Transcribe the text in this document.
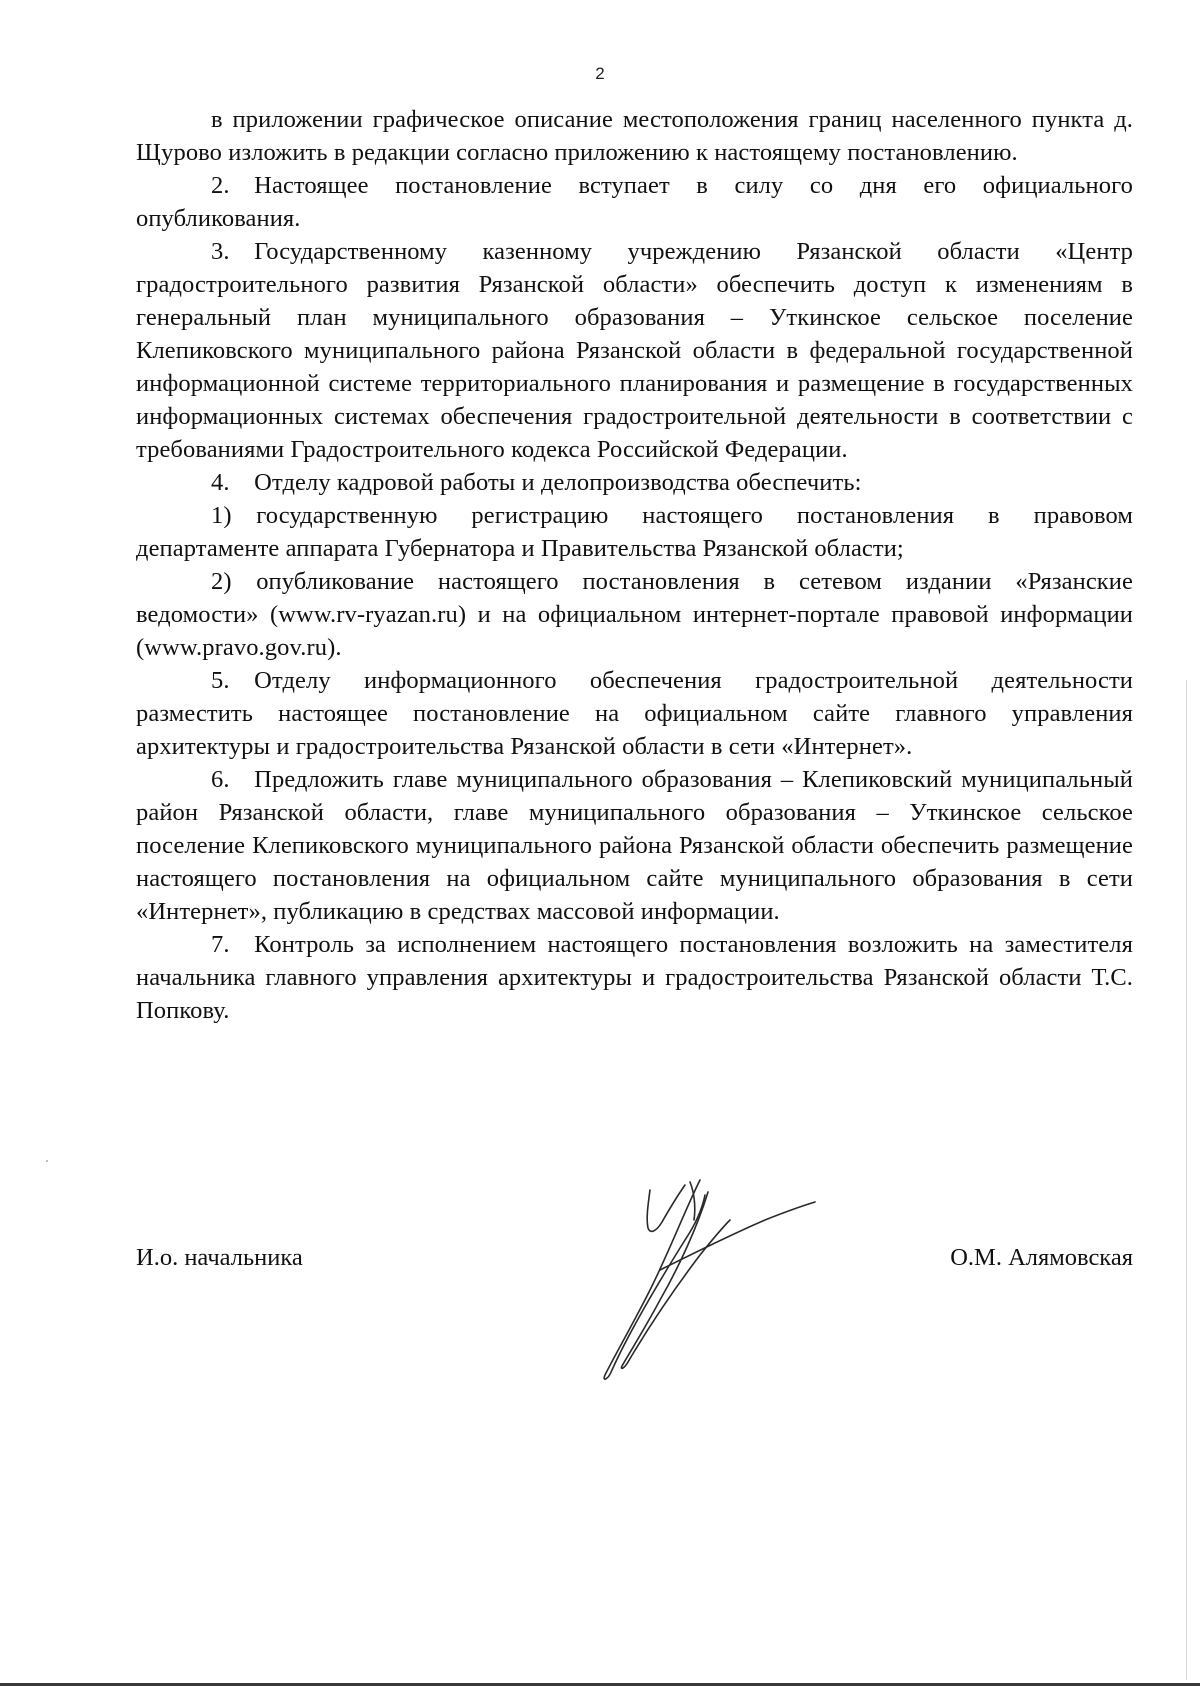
2

в приложении графическое описание местоположения границ населенного пункта д. Щурово изложить в редакции согласно приложению к настоящему постановлению.

2. Настоящее постановление вступает в силу со дня его официального опубликования.

3. Государственному казенному учреждению Рязанской области «Центр градостроительного развития Рязанской области» обеспечить доступ к изменениям в генеральный план муниципального образования – Уткинское сельское поселение Клепиковского муниципального района Рязанской области в федеральной государственной информационной системе территориального планирования и размещение в государственных информационных системах обеспечения градостроительной деятельности в соответствии с требованиями Градостроительного кодекса Российской Федерации.

4. Отделу кадровой работы и делопроизводства обеспечить:

1) государственную регистрацию настоящего постановления в правовом департаменте аппарата Губернатора и Правительства Рязанской области;

2) опубликование настоящего постановления в сетевом издании «Рязанские ведомости» (www.rv-ryazan.ru) и на официальном интернет-портале правовой информации (www.pravo.gov.ru).

5. Отделу информационного обеспечения градостроительной деятельности разместить настоящее постановление на официальном сайте главного управления архитектуры и градостроительства Рязанской области в сети «Интернет».

6. Предложить главе муниципального образования – Клепиковский муниципальный район Рязанской области, главе муниципального образования – Уткинское сельское поселение Клепиковского муниципального района Рязанской области обеспечить размещение настоящего постановления на официальном сайте муниципального образования в сети «Интернет», публикацию в средствах массовой информации.

7. Контроль за исполнением настоящего постановления возложить на заместителя начальника главного управления архитектуры и градостроительства Рязанской области Т.С. Попкову.

И.о. начальника	О.М. Алямовская
